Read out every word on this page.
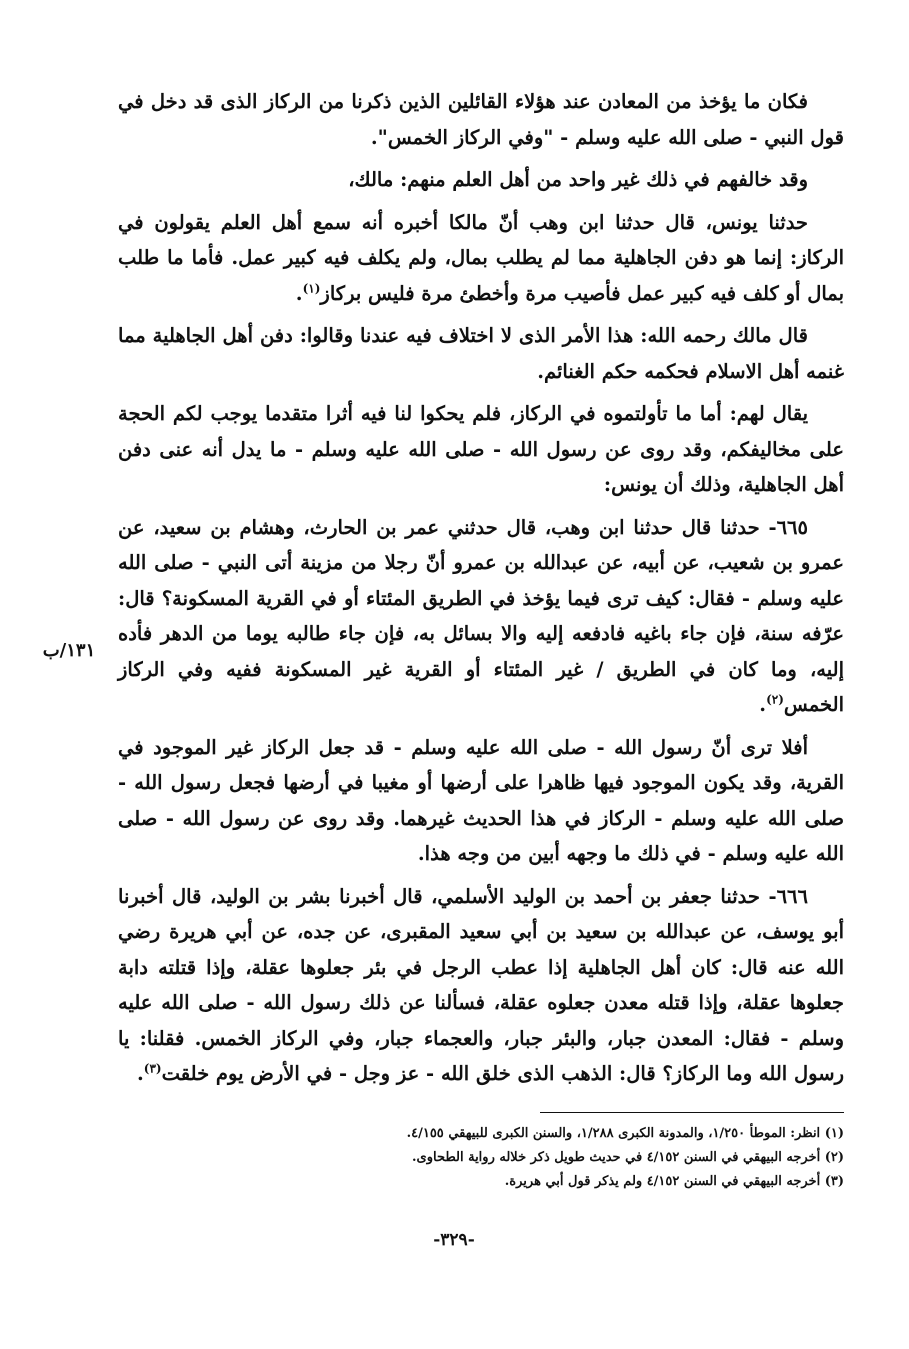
فكان ما يؤخذ من المعادن عند هؤلاء القائلين الذين ذكرنا من الركاز الذى قد دخل في قول النبي - صلى الله عليه وسلم - "وفي الركاز الخمس".

وقد خالفهم في ذلك غير واحد من أهل العلم منهم: مالك،

حدثنا يونس، قال حدثنا ابن وهب أنّ مالكا أخبره أنه سمع أهل العلم يقولون في الركاز: إنما هو دفن الجاهلية مما لم يطلب بمال، ولم يكلف فيه كبير عمل. فأما ما طلب بمال أو كلف فيه كبير عمل فأصيب مرة وأخطئ مرة فليس بركاز$^{(١)}$.

قال مالك رحمه الله: هذا الأمر الذى لا اختلاف فيه عندنا وقالوا: دفن أهل الجاهلية مما غنمه أهل الاسلام فحكمه حكم الغنائم.

يقال لهم: أما ما تأولتموه في الركاز، فلم يحكوا لنا فيه أثرا متقدما يوجب لكم الحجة على مخاليفكم، وقد روى عن رسول الله - صلى الله عليه وسلم - ما يدل أنه عنى دفن أهل الجاهلية، وذلك أن يونس:

٦٦٥- حدثنا قال حدثنا ابن وهب، قال حدثني عمر بن الحارث، وهشام بن سعيد، عن عمرو بن شعيب، عن أبيه، عن عبدالله بن عمرو أنّ رجلا من مزينة أتى النبي - صلى الله عليه وسلم - فقال: كيف ترى فيما يؤخذ في الطريق المئتاء أو في القرية المسكونة؟ قال: عرّفه سنة، فإن جاء باغيه فادفعه إليه والا بسائل به، فإن جاء طالبه يوما من الدهر فأده إليه، وما كان في الطريق / غير المئتاء أو القرية غير المسكونة ففيه وفي الركاز الخمس$^{(٢)}$.

أفلا ترى أنّ رسول الله - صلى الله عليه وسلم - قد جعل الركاز غير الموجود في القرية، وقد يكون الموجود فيها ظاهرا على أرضها أو مغيبا في أرضها فجعل رسول الله - صلى الله عليه وسلم - الركاز في هذا الحديث غيرهما. وقد روى عن رسول الله - صلى الله عليه وسلم - في ذلك ما وجهه أبين من وجه هذا.

٦٦٦- حدثنا جعفر بن أحمد بن الوليد الأسلمي، قال أخبرنا بشر بن الوليد، قال أخبرنا أبو يوسف، عن عبدالله بن سعيد بن أبي سعيد المقبرى، عن جده، عن أبي هريرة رضي الله عنه قال: كان أهل الجاهلية إذا عطب الرجل في بئر جعلوها عقلة، وإذا قتلته دابة جعلوها عقلة، وإذا قتله معدن جعلوه عقلة، فسألنا عن ذلك رسول الله - صلى الله عليه وسلم - فقال: المعدن جبار، والبئر جبار، والعجماء جبار، وفي الركاز الخمس. فقلنا: يا رسول الله وما الركاز؟ قال: الذهب الذى خلق الله - عز وجل - في الأرض يوم خلقت$^{(٣)}$.

١٣١/ب

(١) انظر: الموطأ ١/٢٥٠، والمدونة الكبرى ١/٢٨٨، والسنن الكبرى للبيهقي ٤/١٥٥.

(٢) أخرجه البيهقي في السنن ٤/١٥٢ في حديث طويل ذكر خلاله رواية الطحاوى.

(٣) أخرجه البيهقي في السنن ٤/١٥٢ ولم يذكر قول أبي هريرة.

-٣٢٩-
